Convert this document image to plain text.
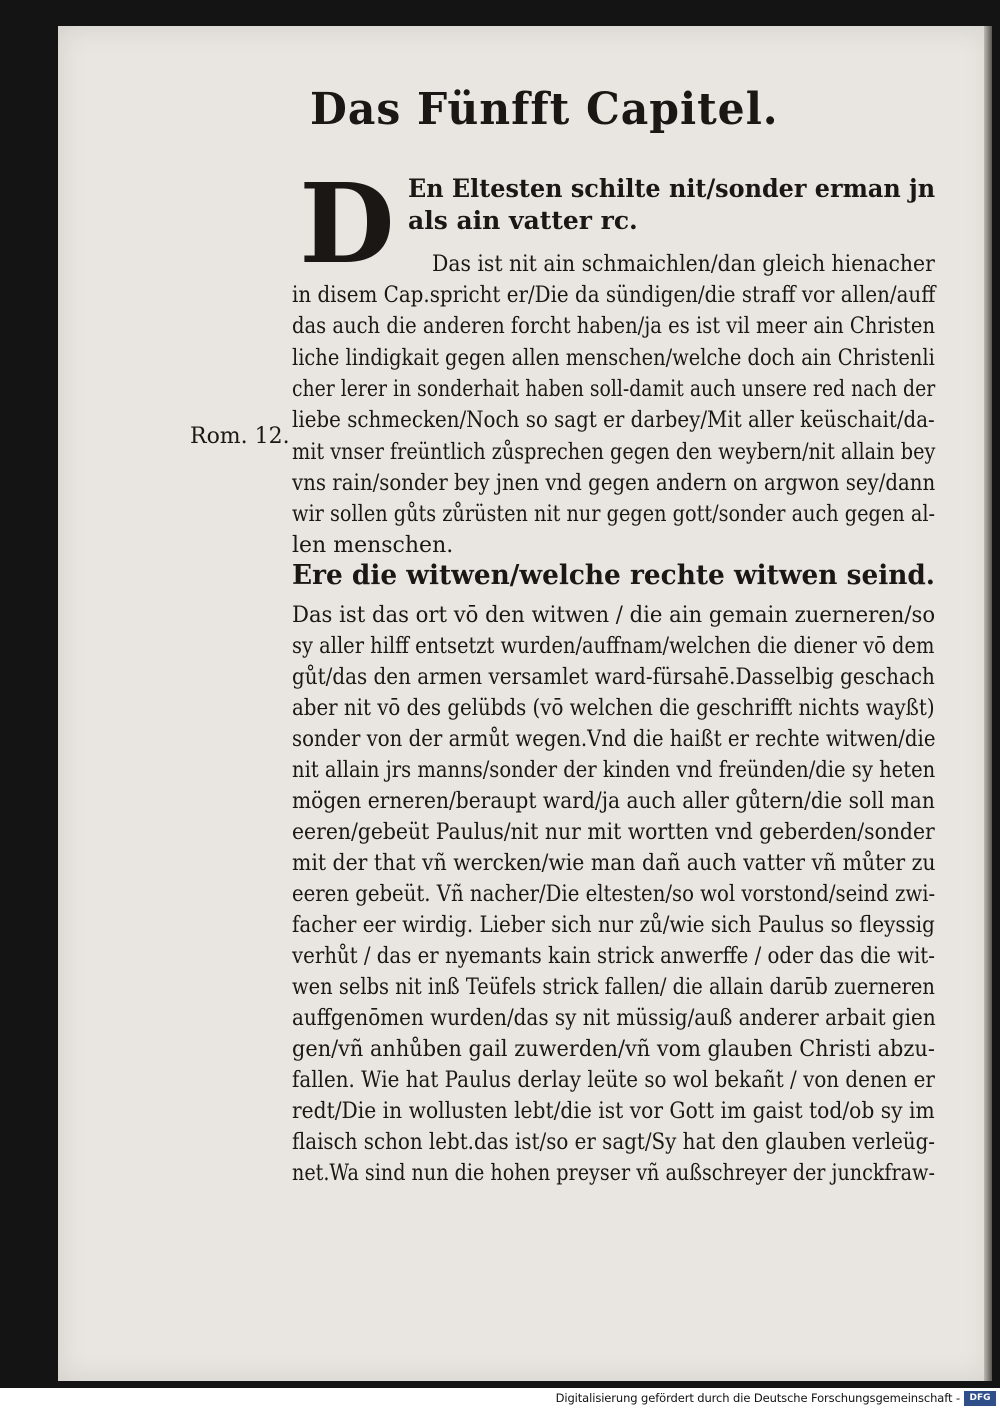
Das Fünfft Capitel.
D
Rom. 12.
En Eltesten schilte nit/sonder erman jn
als ain vatter rc.
Das ist nit ain schmaichlen/dan gleich hienacher
in disem Cap.spricht er/Die da sündigen/die straff vor allen/auff
das auch die anderen forcht haben/ja es ist vil meer ain Christen
liche lindigkait gegen allen menschen/welche doch ain Christenli
cher lerer in sonderhait haben soll-damit auch unsere red nach der
liebe schmecken/Noch so sagt er darbey/Mit aller keüschait/da-
mit vnser freüntlich zůsprechen gegen den weybern/nit allain bey
vns rain/sonder bey jnen vnd gegen andern on argwon sey/dann
wir sollen gůts zůrüsten nit nur gegen gott/sonder auch gegen al-
len menschen.
Ere die witwen/welche rechte witwen seind.
Das ist das ort vō den witwen / die ain gemain zuerneren/so
sy aller hilff entsetzt wurden/auffnam/welchen die diener vō dem
gůt/das den armen versamlet ward-fürsahē.Dasselbig geschach
aber nit vō des gelübds (vō welchen die geschrifft nichts wayßt)
sonder von der armůt wegen.Vnd die haißt er rechte witwen/die
nit allain jrs manns/sonder der kinden vnd freünden/die sy heten
mögen erneren/beraupt ward/ja auch aller gůtern/die soll man
eeren/gebeüt Paulus/nit nur mit wortten vnd geberden/sonder
mit der that vñ wercken/wie man dañ auch vatter vñ můter zu
eeren gebeüt. Vñ nacher/Die eltesten/so wol vorstond/seind zwi-
facher eer wirdig. Lieber sich nur zů/wie sich Paulus so fleyssig
verhůt / das er nyemants kain strick anwerffe / oder das die wit-
wen selbs nit inß Teüfels strick fallen/ die allain darūb zuerneren
auffgenōmen wurden/das sy nit müssig/auß anderer arbait gien
gen/vñ anhůben gail zuwerden/vñ vom glauben Christi abzu-
fallen. Wie hat Paulus derlay leüte so wol bekañt / von denen er
redt/Die in wollusten lebt/die ist vor Gott im gaist tod/ob sy im
flaisch schon lebt.das ist/so er sagt/Sy hat den glauben verleüg-
net.Wa sind nun die hohen preyser vñ außschreyer der junckfraw-
Digitalisierung gefördert durch die Deutsche Forschungsgemeinschaft -	DFG
